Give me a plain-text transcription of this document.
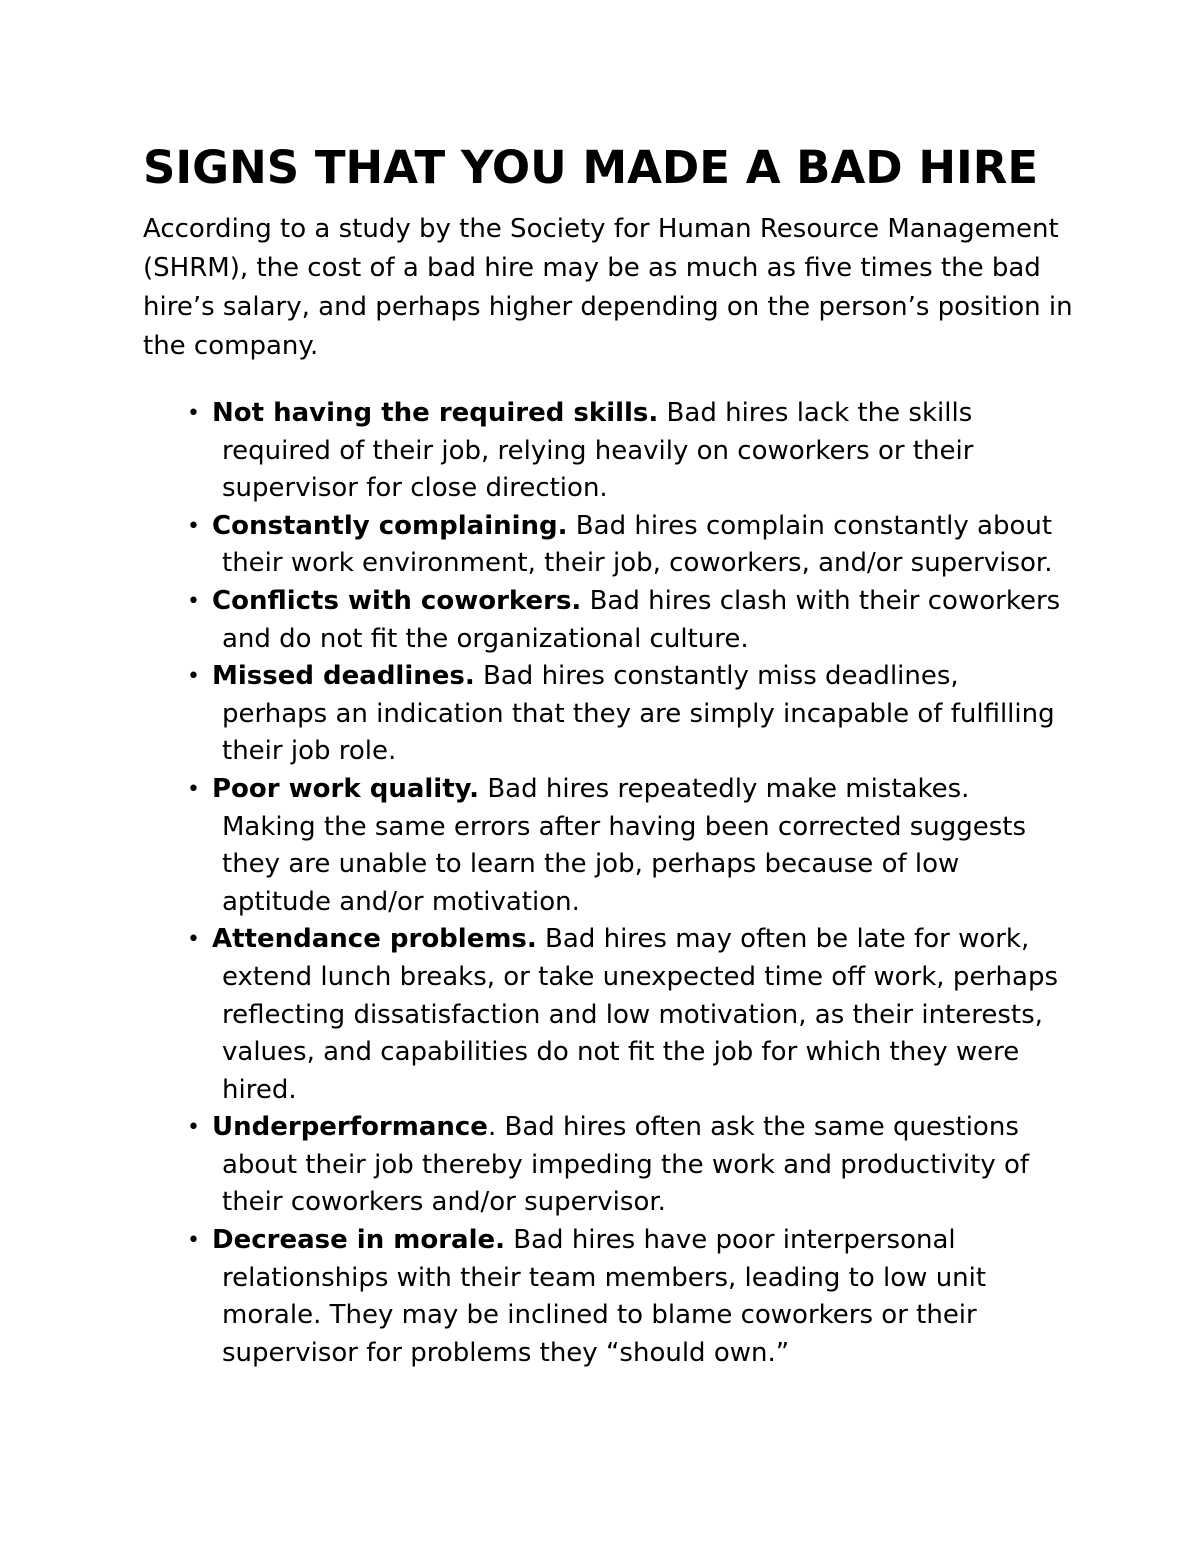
SIGNS THAT YOU MADE A BAD HIRE

According to a study by the Society for Human Resource Management (SHRM), the cost of a bad hire may be as much as five times the bad hire’s salary, and perhaps higher depending on the person’s position in the company.

• Not having the required skills. Bad hires lack the skills required of their job, relying heavily on coworkers or their supervisor for close direction.
• Constantly complaining. Bad hires complain constantly about their work environment, their job, coworkers, and/or supervisor.
• Conflicts with coworkers. Bad hires clash with their coworkers and do not fit the organizational culture.
• Missed deadlines. Bad hires constantly miss deadlines, perhaps an indication that they are simply incapable of fulfilling their job role.
• Poor work quality. Bad hires repeatedly make mistakes. Making the same errors after having been corrected suggests they are unable to learn the job, perhaps because of low aptitude and/or motivation.
• Attendance problems. Bad hires may often be late for work, extend lunch breaks, or take unexpected time off work, perhaps reflecting dissatisfaction and low motivation, as their interests, values, and capabilities do not fit the job for which they were hired.
• Underperformance. Bad hires often ask the same questions about their job thereby impeding the work and productivity of their coworkers and/or supervisor.
• Decrease in morale. Bad hires have poor interpersonal relationships with their team members, leading to low unit morale. They may be inclined to blame coworkers or their supervisor for problems they “should own.”
